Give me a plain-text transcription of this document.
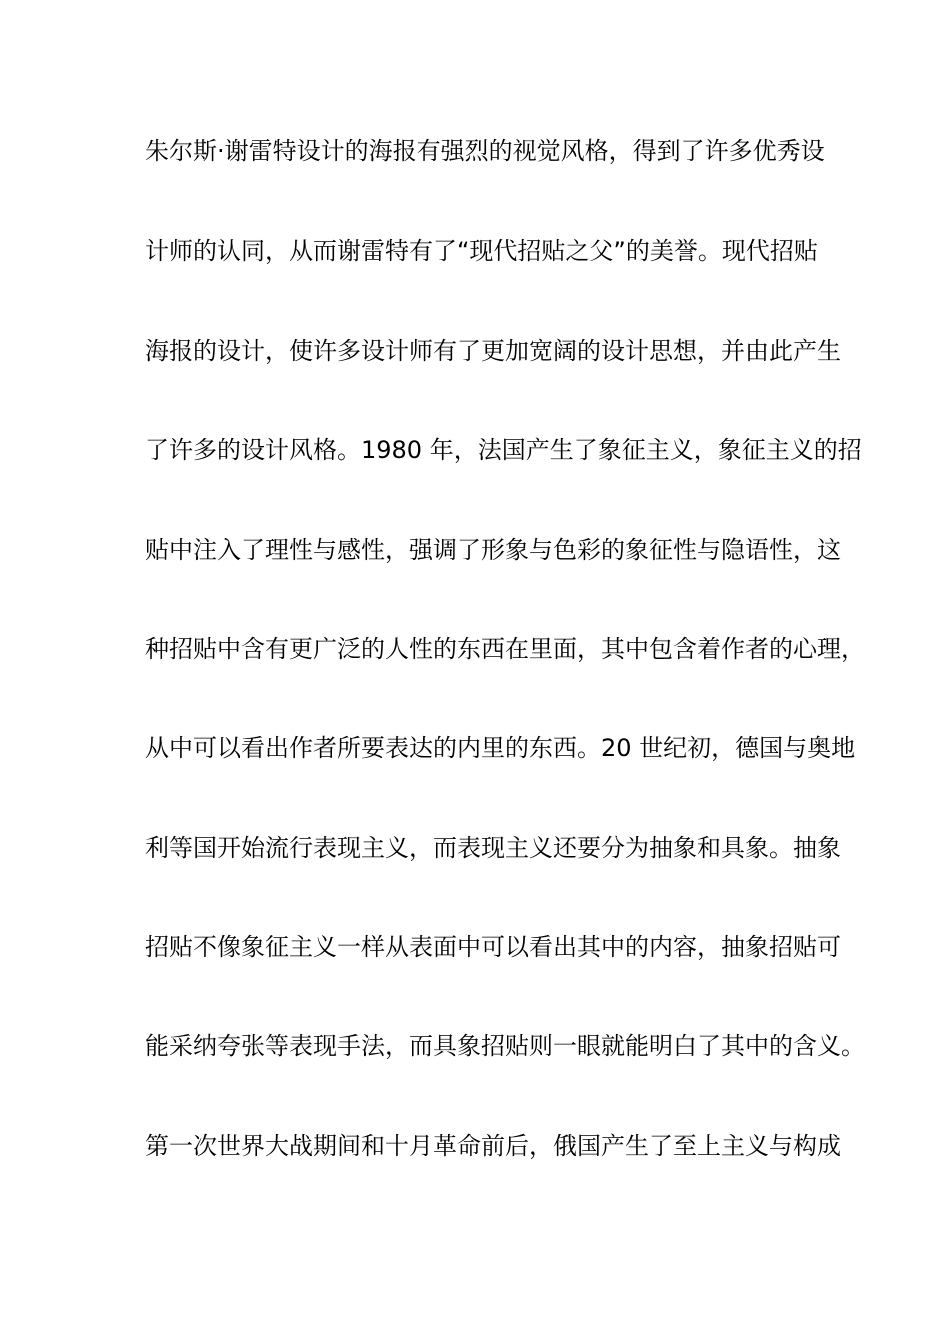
朱尔斯·谢雷特设计的海报有强烈的视觉风格，得到了许多优秀设
计师的认同，从而谢雷特有了“现代招贴之父”的美誉。现代招贴
海报的设计，使许多设计师有了更加宽阔的设计思想，并由此产生
了许多的设计风格。1980 年，法国产生了象征主义，象征主义的招
贴中注入了理性与感性，强调了形象与色彩的象征性与隐语性，这
种招贴中含有更广泛的人性的东西在里面，其中包含着作者的心理，
从中可以看出作者所要表达的内里的东西。20 世纪初，德国与奥地
利等国开始流行表现主义，而表现主义还要分为抽象和具象。抽象
招贴不像象征主义一样从表面中可以看出其中的内容，抽象招贴可
能采纳夸张等表现手法，而具象招贴则一眼就能明白了其中的含义。
第一次世界大战期间和十月革命前后，俄国产生了至上主义与构成
